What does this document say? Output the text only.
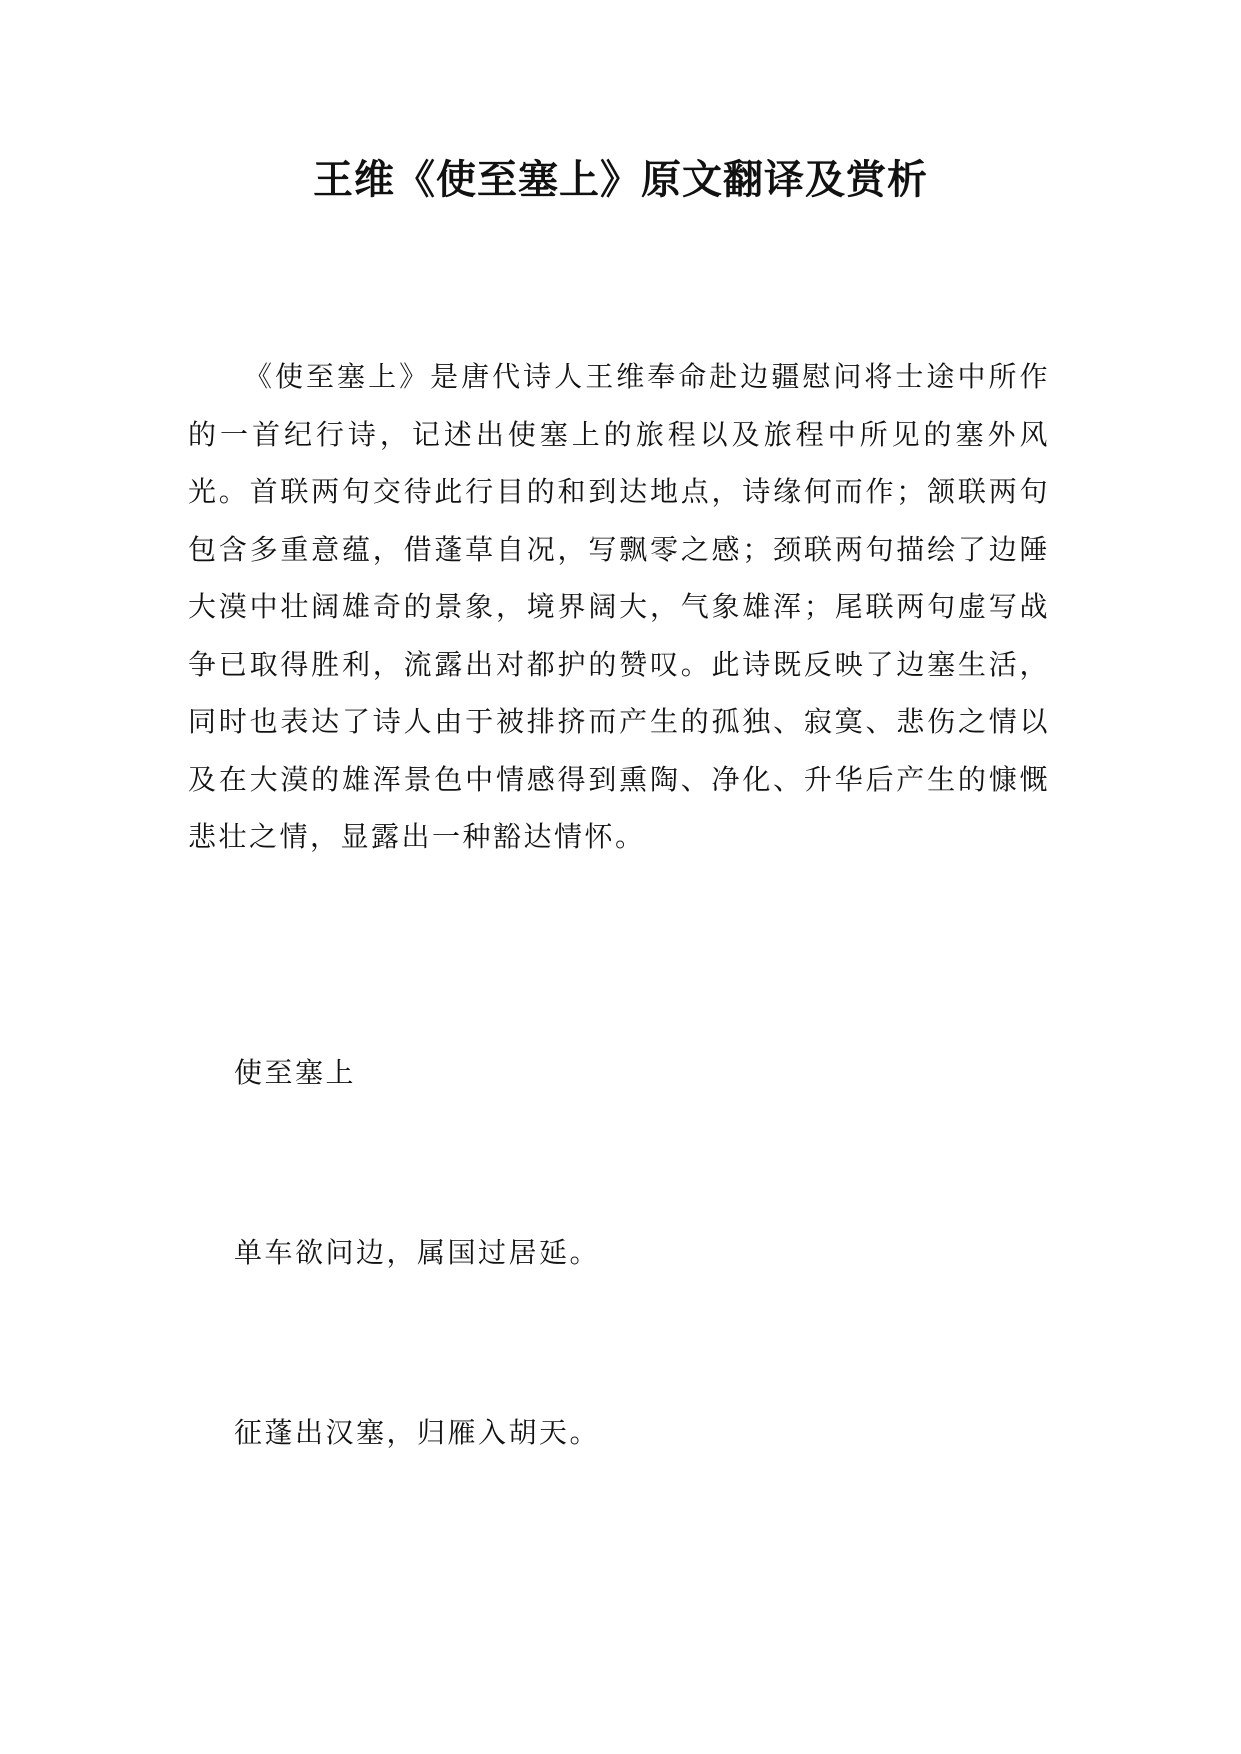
王维《使至塞上》原文翻译及赏析

《使至塞上》是唐代诗人王维奉命赴边疆慰问将士途中所作的一首纪行诗，记述出使塞上的旅程以及旅程中所见的塞外风光。首联两句交待此行目的和到达地点，诗缘何而作；颔联两句包含多重意蕴，借蓬草自况，写飘零之感；颈联两句描绘了边陲大漠中壮阔雄奇的景象，境界阔大，气象雄浑；尾联两句虚写战争已取得胜利，流露出对都护的赞叹。此诗既反映了边塞生活，同时也表达了诗人由于被排挤而产生的孤独、寂寞、悲伤之情以及在大漠的雄浑景色中情感得到熏陶、净化、升华后产生的慷慨悲壮之情，显露出一种豁达情怀。

使至塞上

单车欲问边，属国过居延。

征蓬出汉塞，归雁入胡天。
